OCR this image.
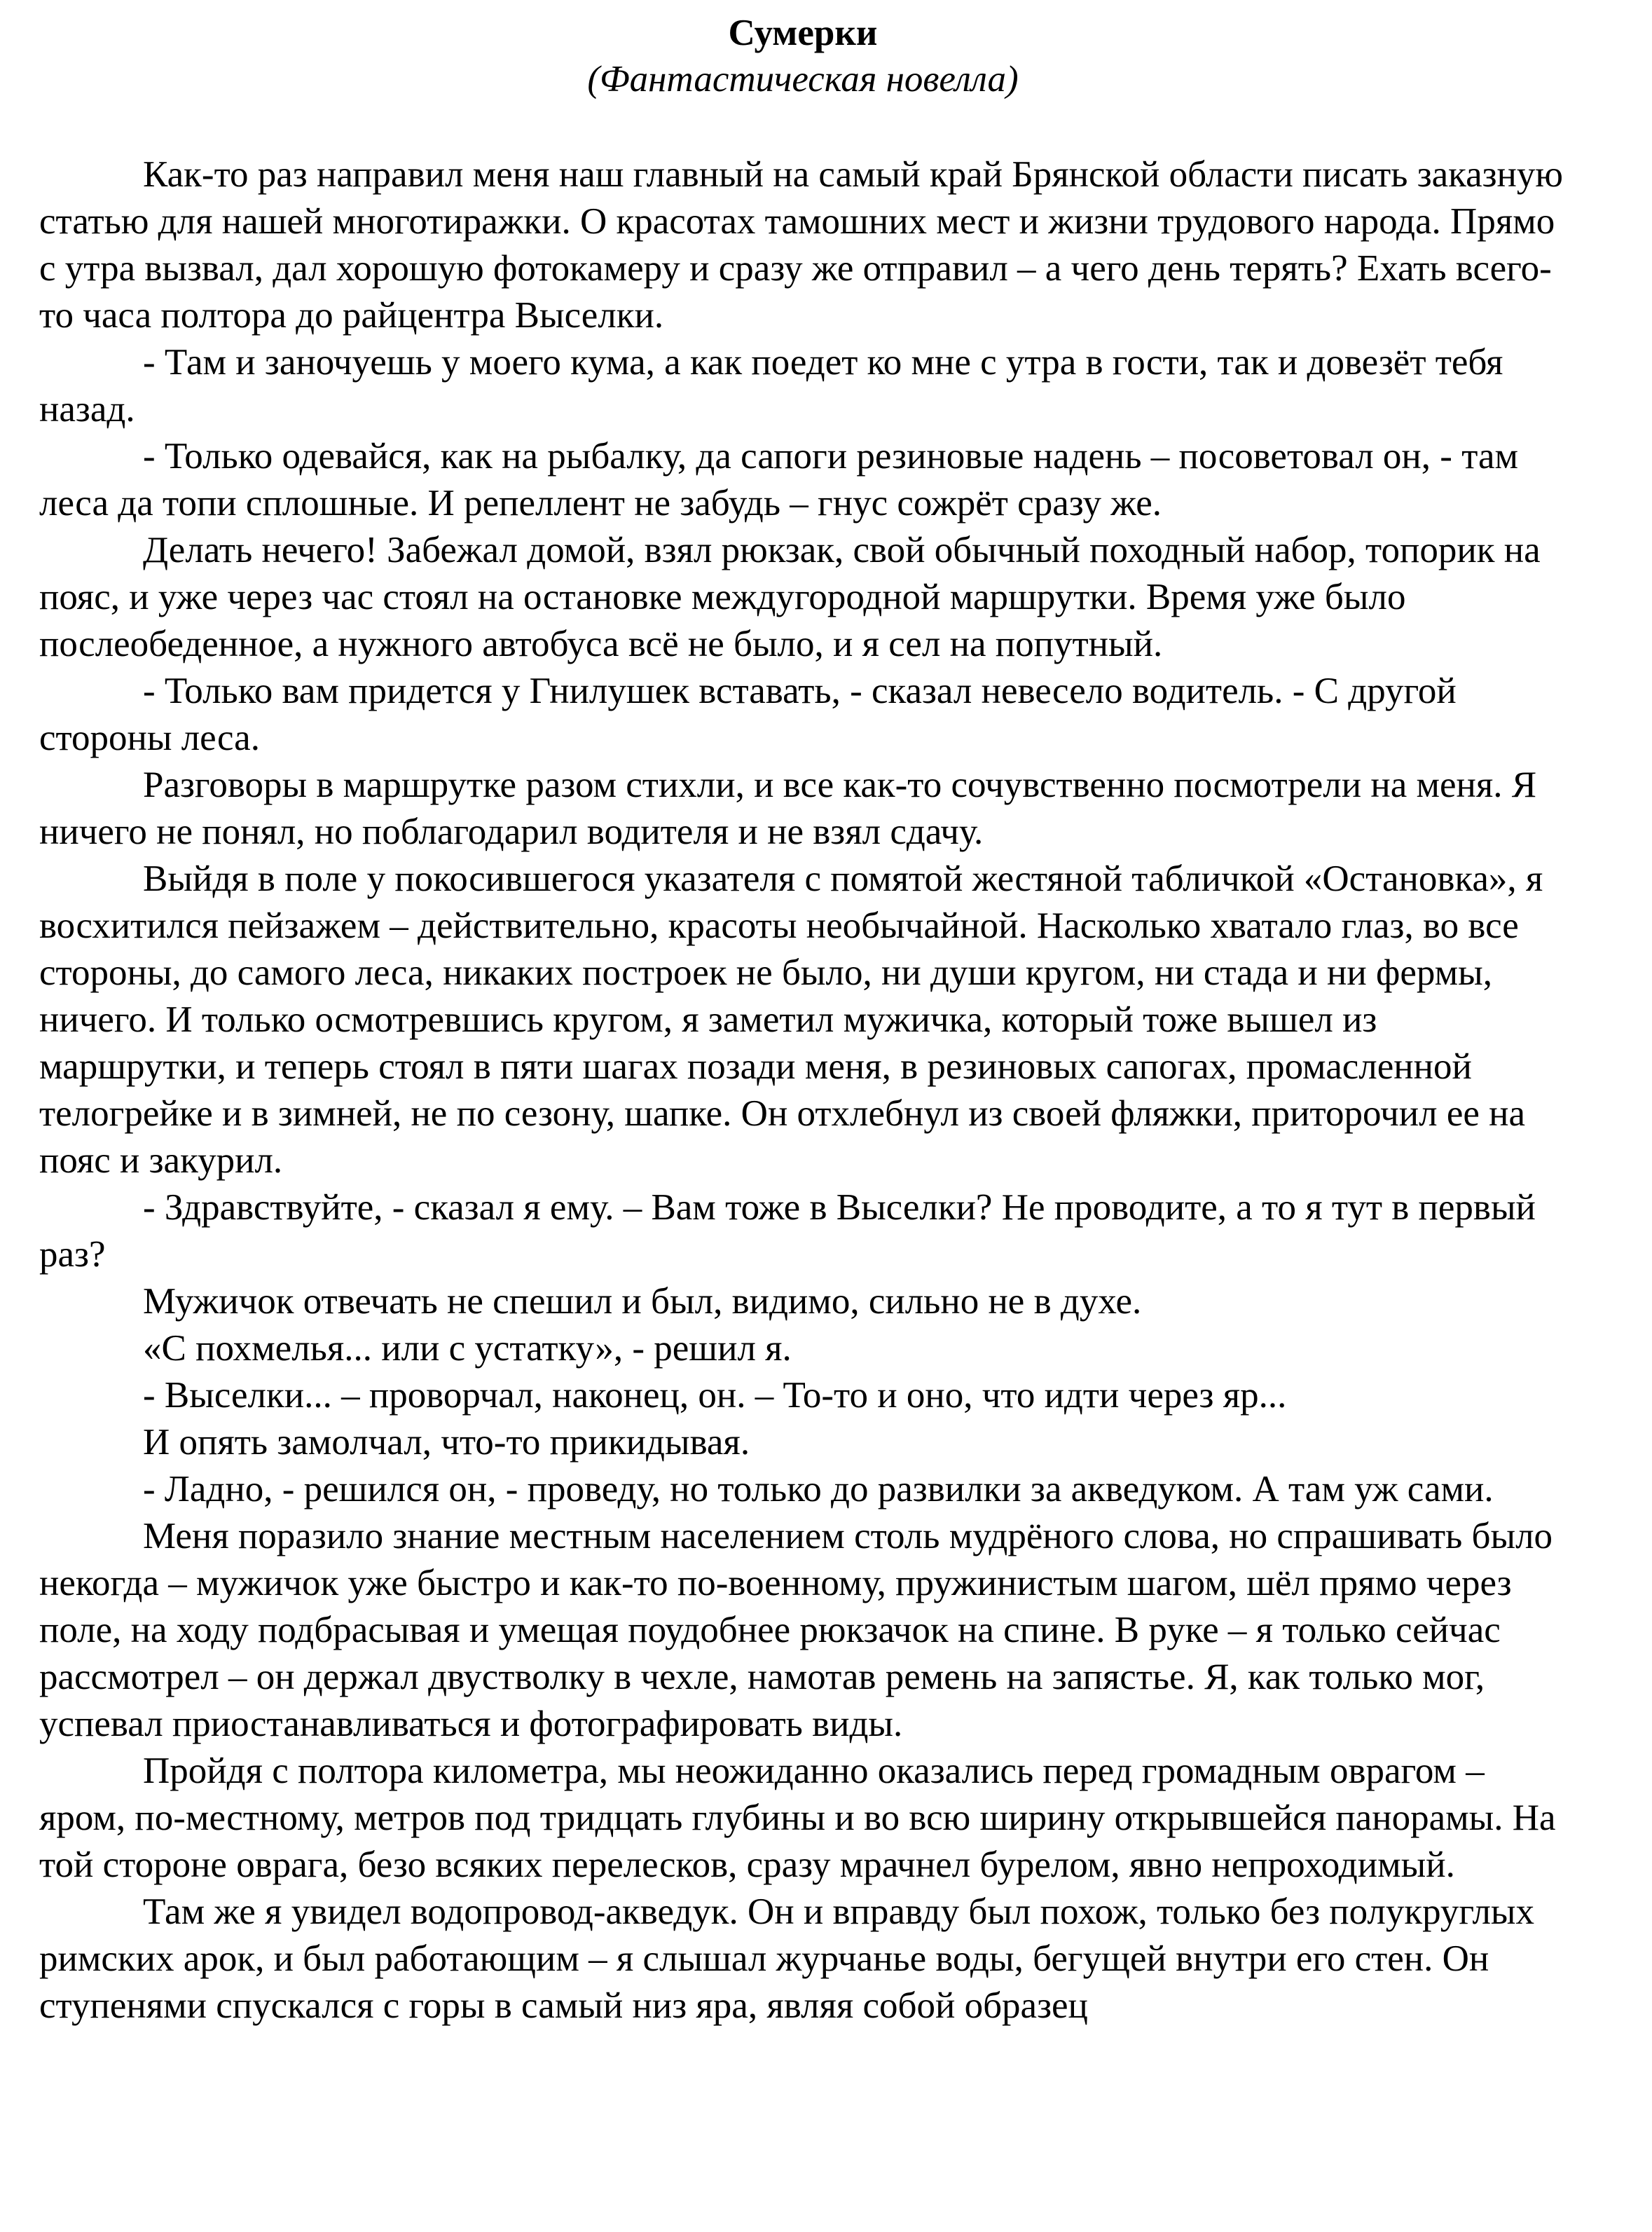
Сумерки

(Фантастическая новелла)

Как-то раз направил меня наш главный на самый край Брянской области писать заказную статью для нашей многотиражки. О красотах тамошних мест и жизни трудового народа. Прямо с утра вызвал, дал хорошую фотокамеру и сразу же отправил – а чего день терять? Ехать всего-то часа полтора до райцентра Выселки.

- Там и заночуешь у моего кума, а как поедет ко мне с утра в гости, так и довезёт тебя назад.

- Только одевайся, как на рыбалку, да сапоги резиновые надень – посоветовал он, - там леса да топи сплошные. И репеллент не забудь – гнус сожрёт сразу же.

Делать нечего! Забежал домой, взял рюкзак, свой обычный походный набор, топорик на пояс, и уже через час стоял на остановке междугородной маршрутки. Время уже было послеобеденное, а нужного автобуса всё не было, и я сел на попутный.

- Только вам придется у Гнилушек вставать, - сказал невесело водитель. - С другой стороны леса.

Разговоры в маршрутке разом стихли, и все как-то сочувственно посмотрели на меня. Я ничего не понял, но поблагодарил водителя и не взял сдачу.

Выйдя в поле у покосившегося указателя с помятой жестяной табличкой «Остановка», я восхитился пейзажем – действительно, красоты необычайной. Насколько хватало глаз, во все стороны, до самого леса, никаких построек не было, ни души кругом, ни стада и ни фермы, ничего. И только осмотревшись кругом, я заметил мужичка, который тоже вышел из маршрутки, и теперь стоял в пяти шагах позади меня, в резиновых сапогах, промасленной телогрейке и в зимней, не по сезону, шапке. Он отхлебнул из своей фляжки, приторочил ее на пояс и закурил.

- Здравствуйте, - сказал я ему. – Вам тоже в Выселки? Не проводите, а то я тут в первый раз?

Мужичок отвечать не спешил и был, видимо, сильно не в духе.

«С похмелья... или с устатку», - решил я.

- Выселки... – проворчал, наконец, он. – То-то и оно, что идти через яр...

И опять замолчал, что-то прикидывая.

- Ладно, - решился он, - проведу, но только до развилки за акведуком. А там уж сами.

Меня поразило знание местным населением столь мудрёного слова, но спрашивать было некогда – мужичок уже быстро и как-то по-военному, пружинистым шагом, шёл прямо через поле, на ходу подбрасывая и умещая поудобнее рюкзачок на спине. В руке – я только сейчас рассмотрел – он держал двустволку в чехле, намотав ремень на запястье. Я, как только мог, успевал приостанавливаться и фотографировать виды.

Пройдя с полтора километра, мы неожиданно оказались перед громадным оврагом – яром, по-местному, метров под тридцать глубины и во всю ширину открывшейся панорамы. На той стороне оврага, безо всяких перелесков, сразу мрачнел бурелом, явно непроходимый.

Там же я увидел водопровод-акведук. Он и вправду был похож, только без полукруглых римских арок, и был работающим – я слышал журчанье воды, бегущей внутри его стен. Он ступенями спускался с горы в самый низ яра, являя собой образец
